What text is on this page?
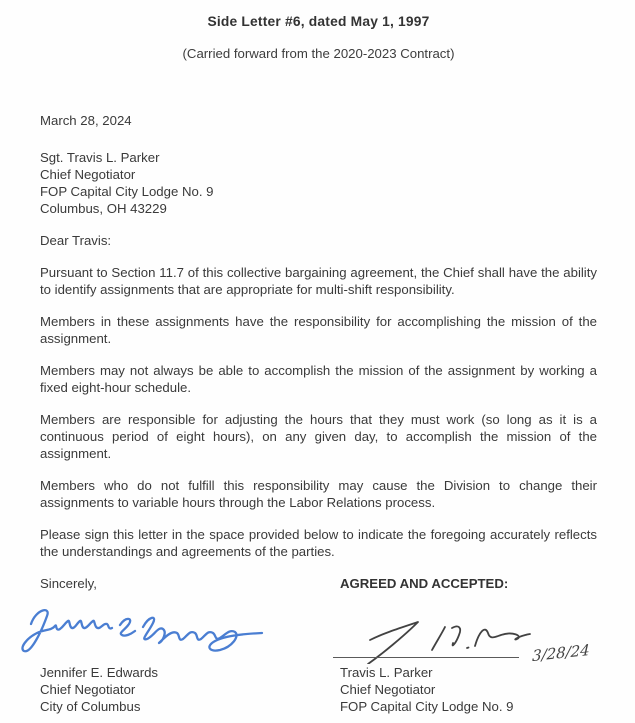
Side Letter #6, dated May 1, 1997
(Carried forward from the 2020-2023 Contract)
March 28, 2024
Sgt. Travis L. Parker
Chief Negotiator
FOP Capital City Lodge No. 9
Columbus, OH 43229
Dear Travis:

Pursuant to Section 11.7 of this collective bargaining agreement, the Chief shall have the ability to identify assignments that are appropriate for multi-shift responsibility.

Members in these assignments have the responsibility for accomplishing the mission of the assignment.

Members may not always be able to accomplish the mission of the assignment by working a fixed eight-hour schedule.

Members are responsible for adjusting the hours that they must work (so long as it is a continuous period of eight hours), on any given day, to accomplish the mission of the assignment.

Members who do not fulfill this responsibility may cause the Division to change their assignments to variable hours through the Labor Relations process.

Please sign this letter in the space provided below to indicate the foregoing accurately reflects the understandings and agreements of the parties.

Sincerely,	AGREED AND ACCEPTED:
Jennifer E. Edwards
Chief Negotiator
City of Columbus
3/28/24
Travis L. Parker
Chief Negotiator
FOP Capital City Lodge No. 9
